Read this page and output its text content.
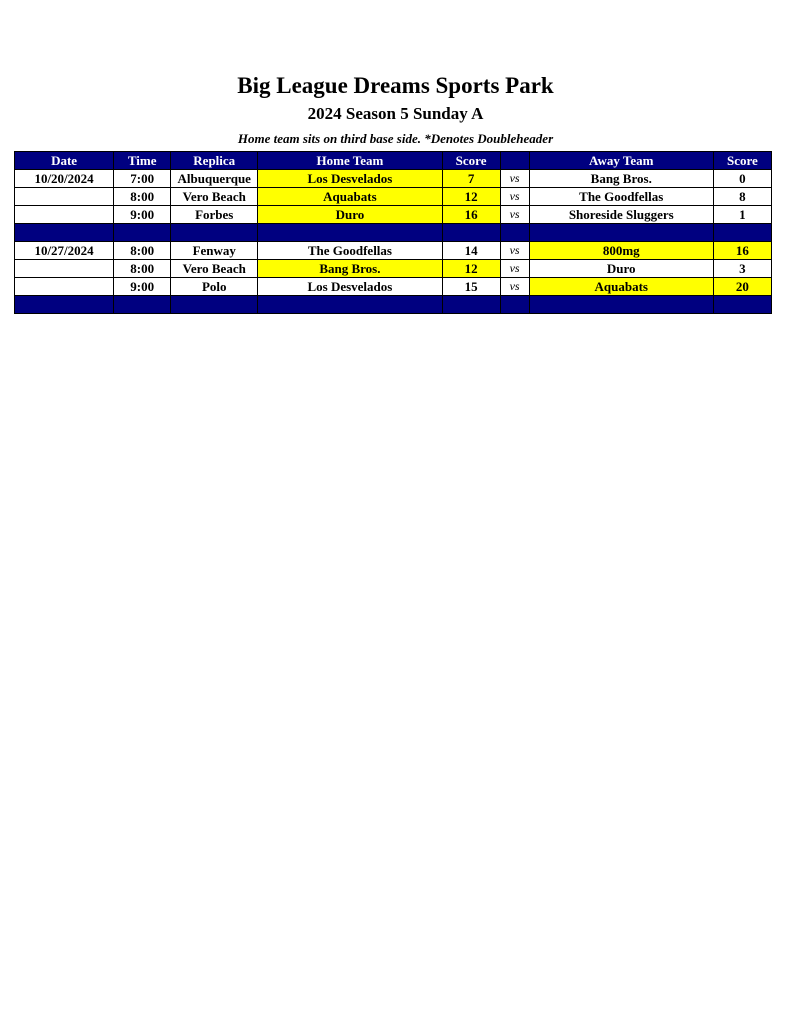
Big League Dreams Sports Park
2024 Season 5 Sunday A
Home team sits on third base side. *Denotes Doubleheader
Date	Time	Replica	Home Team	Score		Away Team	Score
10/20/2024	7:00	Albuquerque	Los Desvelados	7	vs	Bang Bros.	0
	8:00	Vero Beach	Aquabats	12	vs	The Goodfellas	8
	9:00	Forbes	Duro	16	vs	Shoreside Sluggers	1

10/27/2024	8:00	Fenway	The Goodfellas	14	vs	800mg	16
	8:00	Vero Beach	Bang Bros.	12	vs	Duro	3
	9:00	Polo	Los Desvelados	15	vs	Aquabats	20
